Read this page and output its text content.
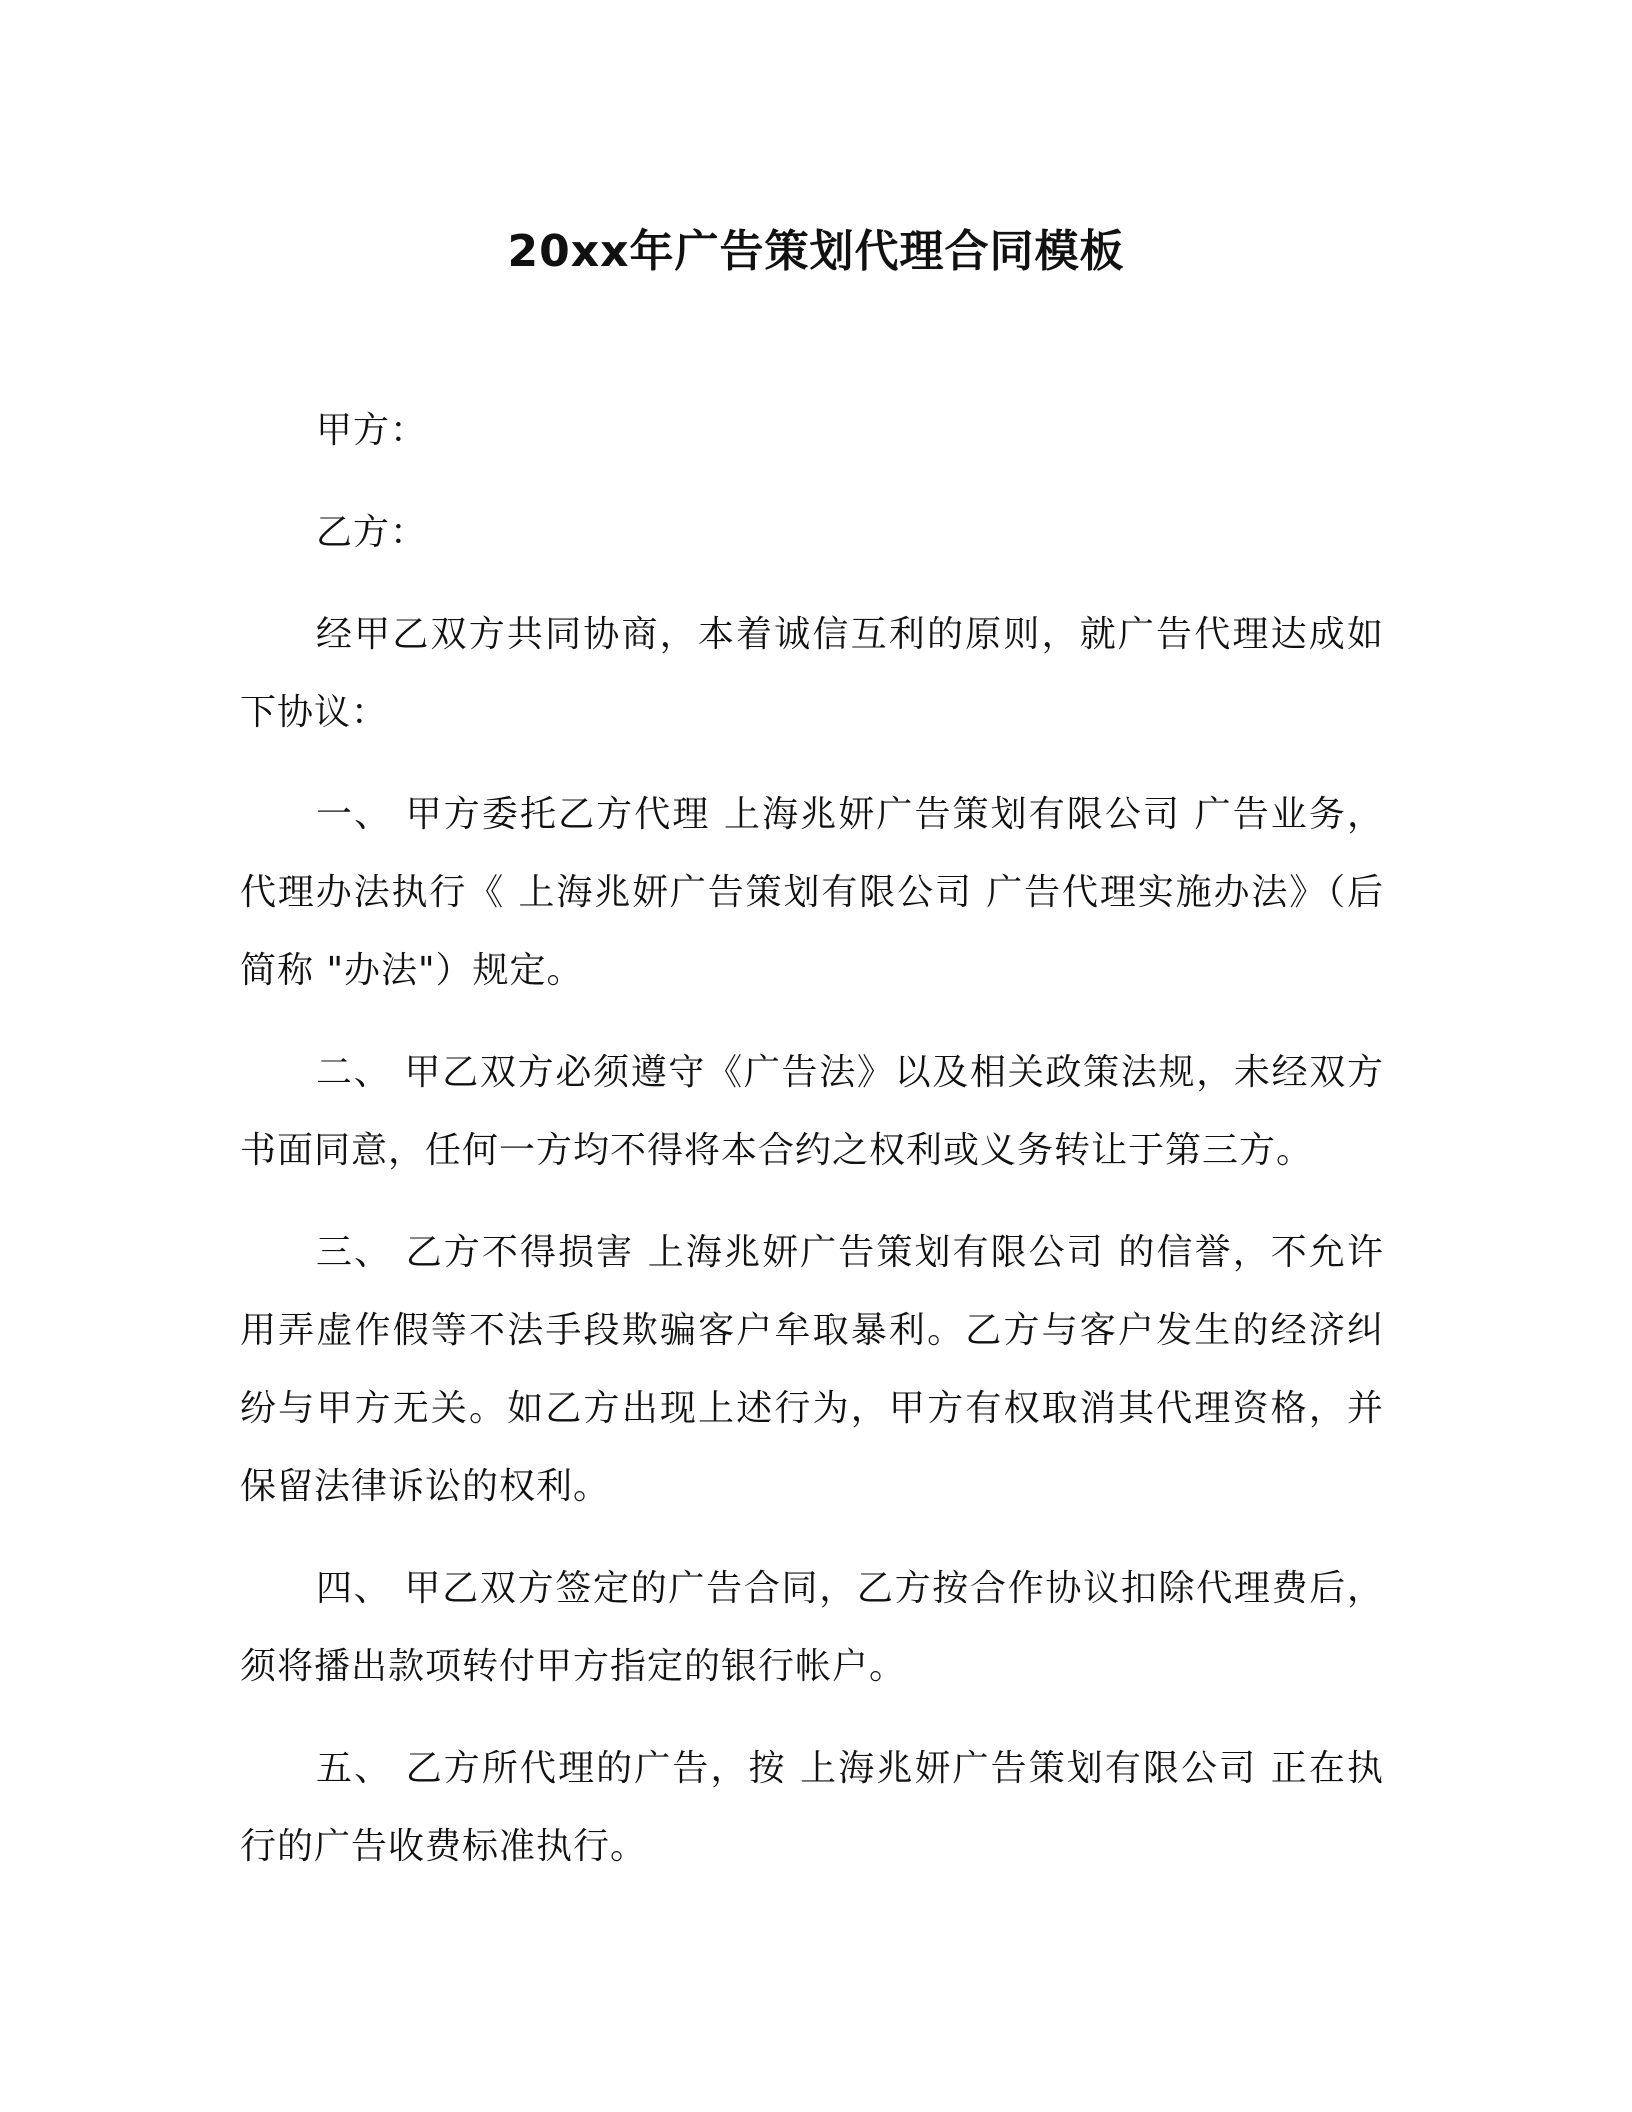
20xx年广告策划代理合同模板

甲方：

乙方：

经甲乙双方共同协商，本着诚信互利的原则，就广告代理达成如下协议：

一、 甲方委托乙方代理 上海兆妍广告策划有限公司 广告业务，代理办法执行《 上海兆妍广告策划有限公司 广告代理实施办法》（后简称 "办法"）规定。

二、 甲乙双方必须遵守《广告法》以及相关政策法规，未经双方书面同意，任何一方均不得将本合约之权利或义务转让于第三方。

三、 乙方不得损害 上海兆妍广告策划有限公司 的信誉，不允许用弄虚作假等不法手段欺骗客户牟取暴利。乙方与客户发生的经济纠纷与甲方无关。如乙方出现上述行为，甲方有权取消其代理资格，并保留法律诉讼的权利。

四、 甲乙双方签定的广告合同，乙方按合作协议扣除代理费后，须将播出款项转付甲方指定的银行帐户。

五、 乙方所代理的广告，按 上海兆妍广告策划有限公司 正在执行的广告收费标准执行。
